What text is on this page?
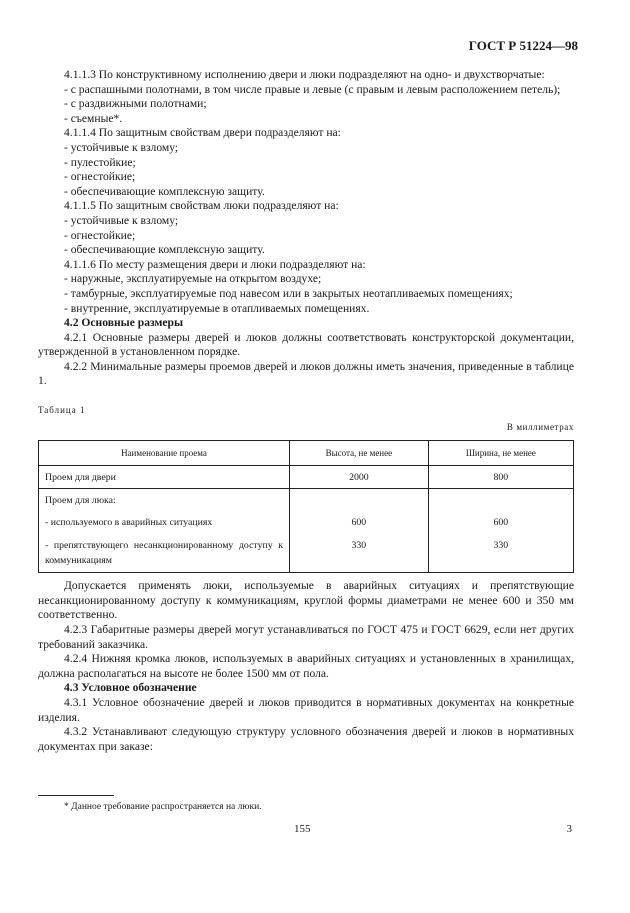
ГОСТ Р 51224—98

4.1.1.3 По конструктивному исполнению двери и люки подразделяют на одно- и двухстворчатые:

- с распашными полотнами, в том числе правые и левые (с правым и левым расположением петель);

- с раздвижными полотнами;

- съемные*.

4.1.1.4 По защитным свойствам двери подразделяют на:

- устойчивые к взлому;

- пулестойкие;

- огнестойкие;

- обеспечивающие комплексную защиту.

4.1.1.5 По защитным свойствам люки подразделяют на:

- устойчивые к взлому;

- огнестойкие;

- обеспечивающие комплексную защиту.

4.1.1.6 По месту размещения двери и люки подразделяют на:

- наружные, эксплуатируемые на открытом воздухе;

- тамбурные, эксплуатируемые под навесом или в закрытых неотапливаемых помещениях;

- внутренние, эксплуатируемые в отапливаемых помещениях.

4.2 Основные размеры

4.2.1 Основные размеры дверей и люков должны соответствовать конструкторской документации, утвержденной в установленном порядке.

4.2.2 Минимальные размеры проемов дверей и люков должны иметь значения, приведенные в таблице 1.

Таблица 1
В миллиметрах
Наименование проема	Высота, не менее	Ширина, не менее
Проем для двери	2000	800
Проем для люка:		
- используемого в аварийных ситуациях	600	600
- препятствующего несанкционированному доступу к коммуникациям	330	330

Допускается применять люки, используемые в аварийных ситуациях и препятствующие несанкционированному доступу к коммуникациям, круглой формы диаметрами не менее 600 и 350 мм соответственно.

4.2.3 Габаритные размеры дверей могут устанавливаться по ГОСТ 475 и ГОСТ 6629, если нет других требований заказчика.

4.2.4 Нижняя кромка люков, используемых в аварийных ситуациях и установленных в хранилищах, должна располагаться на высоте не более 1500 мм от пола.

4.3 Условное обозначение

4.3.1 Условное обозначение дверей и люков приводится в нормативных документах на конкретные изделия.

4.3.2 Устанавливают следующую структуру условного обозначения дверей и люков в нормативных документах при заказе:

* Данное требование распространяется на люки.
155	3
